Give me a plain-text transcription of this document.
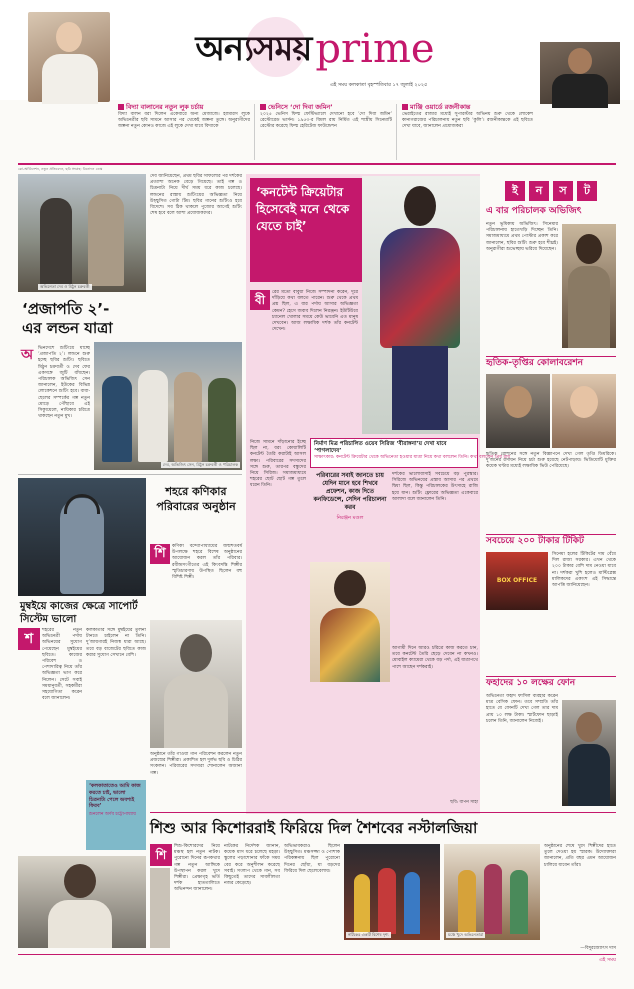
অন্যসময় prime
এই সময় কলকাতা বৃহস্পতিবার ১৭ জুলাই ২০২৫
বিদ্যা বালানের নতুন লুক চর্চায়
বিদ্যা বালন বরা দিলেন একেবারে অন্য মেজাজে। হ্যামারস লুকে অভিনেত্রীর ছবি সামনে আসার পর থেকেই জল্পনা তুঙ্গে। অনুরাগীদের জল্পনা নতুন কোনও কাজে এই লুকে দেখা যাবে বিদ্যাকে
ভেনিসে ‘দো দিবা জমিন’
২০২৫ ভেনিস ফিল্ম ফেস্টিভ্যালে দেখানো হবে ‘দো দিবা জমিন’ রেস্টোরেড ভার্সন। ১৯৫৩-র বিমল রায় নির্মিত এই শাস্ত্রীয় সিনেমাটি রেস্টোর করেছে ফিল্ম হেরিটেজ ফাউন্ডেশন
মাঞ্জি ওয়ার্ডে রজনীকান্ত
ভেরাইতের রাজার মধ্যেই সুপারস্টার অভিনয় শুরু থেকে লোকেশ কানাগরাজের পরিচালনায় নতুন ছবি ‘কুলি’। রজনীকান্তকে এই ছবিতে দেখা যাবে, জানালেন প্রযোজকরা
কো-অর্ডিনেশন, নতুন প্রতিবেদন, ছবি সংগ্রহ: বিনোদন ডেস্ক
অভিনেতা দেব ও মিঠুন চক্রবর্তী
দেব জানিয়েছেন, প্রথম ছবির সাফল্যের পর দর্শকের প্রত্যাশা অনেক বেড়ে গিয়েছে। তাই গল্প ও চিত্রনাট্য নিয়ে দীর্ঘ সময় ধরে কাজ চলেছে। লন্ডনের রাস্তায় শুটিংয়ের অভিজ্ঞতা নিয়ে উচ্ছ্বসিত গোটা টিম। ছবির গানের শুটিংও হবে বিদেশে। সব ঠিক থাকলে পুজোর আগেই শুটিং শেষ হবে বলে আশা প্রযোজকদের।
‘প্রজাপতি ২’-
এর লন্ডন যাত্রা
অ	ভিনদেশে শুটিংয়ে যাচ্ছে ‘প্রজাপতি ২’। লন্ডনে শুরু হচ্ছে ছবির শুটিং। ছবিতে মিঠুন চক্রবর্তী ও দেব ফের একসঙ্গে জুটি বাঁধছেন। পরিচালক অভিজিৎ সেন জানালেন, ইউকের বিভিন্ন লোকেশনে শুটিং হবে। বাবা-ছেলের সম্পর্কের গল্প নতুন মোড়ে পৌঁছাবে এই সিক্যুয়েলে, নায়িকার চরিত্রে থাকছেন নতুন মুখ।
দেব, অভিজিৎ সেন, মিঠুন চক্রবর্তী ও পরিচালক
শহরে কণিকার পরিবারের অনুষ্ঠান
শি	কণিকা বন্দ্যোপাধ্যায়ের জন্মশতবর্ষ উপলক্ষে শহরে বিশেষ অনুষ্ঠানের আয়োজন করল তাঁর পরিবার। রবীন্দ্রসংগীতের এই কিংবদন্তি শিল্পীর স্মৃতিচারণায় উপস্থিত ছিলেন বহু বিশিষ্ট শিল্পী।
মুম্বইয়ে কাজের ক্ষেত্রে সাপোর্ট সিস্টেম ভালো
শ
শহরের নতুন অভিনেত্রী পর্দায় অভিনয়ের সুযোগ পেয়েছেন মুম্বইয়ের ছবিতে। কাজের পরিবেশ ও পেশাদারিত্ব নিয়ে তাঁর অভিজ্ঞতা ভাগ করে নিলেন। সেটে সবাই সময়ানুবর্তী, সহকর্মীরা সহযোগিতা করেন বলে জানালেন।
কলকাতার সঙ্গে মুম্বইয়ের তুলনা টানতে চাইলেন না তিনি। দু’জায়গারই নিজস্ব ধারা আছে। তবে বড় বাজেটের ছবিতে কাজ করার সুযোগ সেখানে বেশি।
অনুষ্ঠানে তাঁর গাওয়া গান পরিবেশন করলেন নতুন প্রজন্মের শিল্পীরা। প্রকাশিত হল দুর্লভ ছবি ও চিঠির সংকলন। পরিবারের সদস্যরা শোনালেন অজানা গল্প।
‘কলকাতাতেও আমি কাজ করতে চাই, ভালো চিত্রনাট্য পেলে অবশ্যই ফিরব’
শুনলেন অর্ণব চট্টোপাধ্যায়
‘কনটেন্ট ক্রিয়েটার হিসেবেই মনে থেকে যেতে চাই’
বী
রের মতো বাবুয়া নিজে সম্পাদনা করেন, দূরে দাঁড়িয়ে কথা বলতে পারেন। শুরু থেকে প্রথম প্রশ্ন ছিল, এ বার পর্দায় আসার অভিজ্ঞতা কেমন? হেসে জবাব দিলেন নিরঞ্জন। ইউটিউবে চ্যানেল খোলার সময়ে কেউ ভাবেনি এত মানুষ দেখবেন। আজ লক্ষাধিক দর্শক তাঁর কনটেন্ট দেখেন।
নির্মাণ মিত্র পরিচালিত ওয়েব সিরিজ ‘বীরাঙ্গনা’য় দেখা যাবে ‘পাগলাদেব’
সাক্ষাৎকার: কনটেন্ট ক্রিয়েটার থেকে অভিনেতা হওয়ার যাত্রা নিয়ে কথা বললেন তিনি। কথা বললেন প্রিয় রায়
নিজে সামনে দাঁড়ানোর ইচ্ছে ছিল না, বরং কোয়ালিটি কনটেন্ট তৈরি করাটাই আসল লক্ষ্য। পরিবারের সদস্যদের সঙ্গে শুরু, তারপর বন্ধুদের নিয়ে সিরিজ। সমাজমাধ্যমে শহরের ছোট ছোট গল্প তুলে ধরেন তিনি।
পরিবারের সবাই জানতে চায় যেদিন মানে হবে শিখবে প্রফেশন, কাজ দিতে কনফিডেন্সে, সেদিন পরিচালনা করব
নিরঞ্জন মণ্ডল
দর্শকের ভালোবাসাই সবচেয়ে বড় পুরস্কার। সিরিজে অভিনয়ের প্রস্তাব আসার পর প্রথমে দ্বিধা ছিল, কিন্তু পরিচালকের উৎসাহে রাজি হয়ে যান। শুটিং ফ্লোরের অভিজ্ঞতা একেবারে আলাদা বলে জানালেন তিনি।
আগামী দিনে আরও চরিত্রে কাজ করতে চান, তবে কনটেন্ট তৈরি ছেড়ে দেবেন না কখনও। মোবাইল ক্যামেরা থেকে বড় পর্দা, এই যাত্রাপথে পাশে আছেন দর্শকরাই।
ছবি: বাপন সাহা
ই	ন	স	ট
এ বার পরিচালক অভিজিৎ
নতুন ভূমিকায় অভিজিৎ। সিনেমার পরিচালনায় হাতেখড়ি দিচ্ছেন তিনি। সমাজমাধ্যমে প্রথম পোস্টার প্রকাশ করে জানালেন, ছবির শুটিং শুরু হবে শীঘ্রই। অনুরাগীরা শুভেচ্ছায় ভরিয়ে দিয়েছেন।
হৃতিক-তৃপ্তির কোলাবরেশন
হৃতিক রোশনের সঙ্গে নতুন বিজ্ঞাপনে দেখা গেল তৃপ্তি ডিমরিকে। দু’জনের রসায়ন নিয়ে চর্চা শুরু হয়েছে নেটপাড়ায়। ভিডিয়োটি মুক্তির কয়েক ঘণ্টার মধ্যেই লক্ষাধিক ভিউ পেরিয়েছে।
সবচেয়ে ২০০ টাকার টিকিট
BOX OFFICE
সিনেমা হলের টিকিটের দাম বেঁধে দিল রাজ্য সরকার। এখন থেকে ২০০ টাকার বেশি দাম নেওয়া যাবে না। দর্শকরা খুশি হলেও মাল্টিপ্লেক্স মালিকদের একাংশ এই সিদ্ধান্তে আপত্তি জানিয়েছেন।
ফহাদের ১০ লক্ষের ফোন
অভিনেতা ফহাদ ফাসিল ব্যবহার করেন মাত্র বেসিক ফোন। তবে সম্প্রতি তাঁর হাতে যে ফোনটি দেখা গেল তার দাম প্রায় ১০ লক্ষ টাকা। স্মার্টফোন ছাড়াই চলেন তিনি, জানালেন নিজেই।
শিশু আর কিশোররাই ফিরিয়ে দিল শৈশবের নস্টালজিয়া
শি
শিশু-কিশোরদের নিয়ে মঞ্চস্থ হল নতুন নাটক। পুরোনো দিনের রূপকথার গল্প নতুন আঙ্গিকে উপস্থাপন করল খুদে শিল্পীরা। প্রেক্ষাগৃহ ভর্তি দর্শক হাততালিতে অভিনন্দন জানালেন।
নাটকের নির্দেশক জানান, কয়েক মাস ধরে চলেছে মহড়া। স্কুলের পড়াশোনার ফাঁকে সময় বের করে অনুশীলন করেছে সবাই। সংলাপ থেকে গান, সব কিছুতেই তাদের সাবলীলতা নজর কেড়েছে।
অভিভাবকরাও ছিলেন উচ্ছ্বসিত। মঞ্চসজ্জা ও পোশাক পরিকল্পনায় ছিল পুরোনো দিনের ছোঁয়া, যা বড়দের ফিরিয়ে দিল ছেলেবেলায়।
নাটকের একটি বিশেষ দৃশ্য	মঞ্চে খুদে অভিনেতারা
অনুষ্ঠানের শেষে খুদে শিল্পীদের হাতে তুলে দেওয়া হয় স্মারক। উদ্যোক্তারা জানালেন, প্রতি বছর এমন আয়োজন চালিয়ে যাবেন তাঁরা।
—বিদুরজ্যোৎস দাস
এই সময়
